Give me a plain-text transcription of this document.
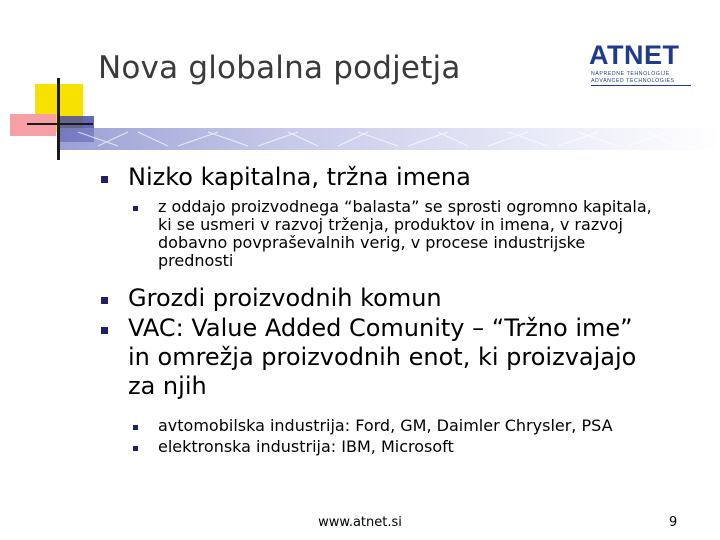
Nova globalna podjetja	ATNET
NAPREDNE TEHNOLOGIJE
ADVANCED TECHNOLOGIES
Nizko kapitalna, tržna imena
z oddajo proizvodnega “balasta” se sprosti ogromno kapitala,
ki se usmeri v razvoj trženja, produktov in imena, v razvoj
dobavno povpraševalnih verig, v procese industrijske
prednosti
Grozdi proizvodnih komun
VAC: Value Added Comunity – “Tržno ime”
in omrežja proizvodnih enot, ki proizvajajo
za njih
avtomobilska industrija: Ford, GM, Daimler Chrysler, PSA
elektronska industrija: IBM, Microsoft
www.atnet.si	9
